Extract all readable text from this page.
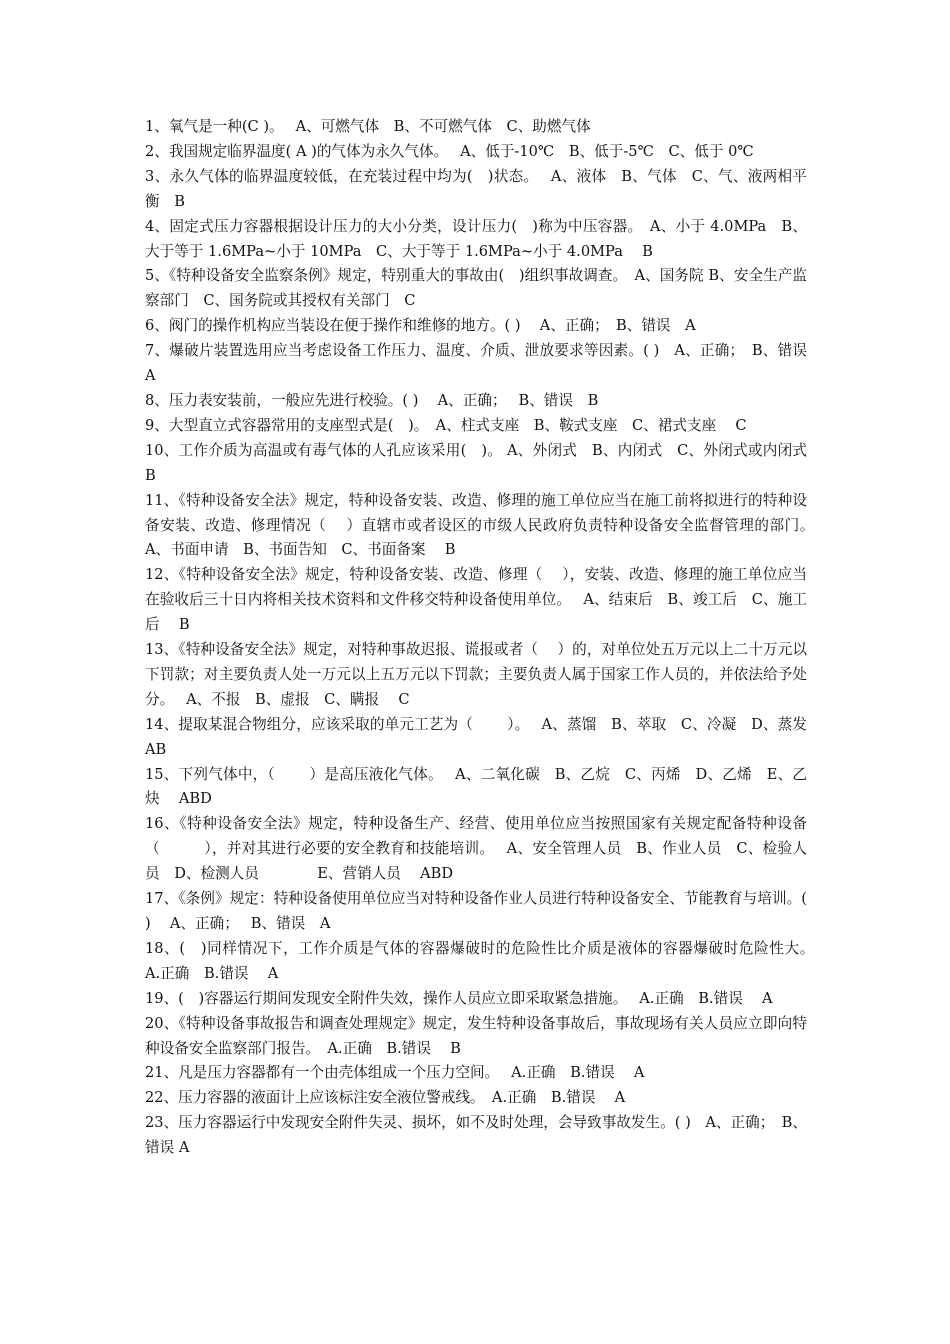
1、氧气是一种(C )。　 A、可燃气体　B、不可燃气体　C、助燃气体

2、我国规定临界温度( A )的气体为永久气体。　 A、低于-10℃　B、低于-5℃　C、低于 0℃

3、永久气体的临界温度较低，在充装过程中均为(　)状态。　 A、液体　B、气体　C、气、液两相平衡　B

4、固定式压力容器根据设计压力的大小分类，设计压力(　)称为中压容器。　A、小于 4.0MPa　B、大于等于 1.6MPa~小于 10MPa　C、大于等于 1.6MPa~小于 4.0MPa　 B

5、《特种设备安全监察条例》规定，特别重大的事故由(　)组织事故调查。　A、国务院 B、安全生产监察部门　C、国务院或其授权有关部门　C

6、阀门的操作机构应当装设在便于操作和维修的地方。( )　 A、正确；　B、错误　A

7、爆破片装置选用应当考虑设备工作压力、温度、介质、泄放要求等因素。( )　A、正确；　B、错误　 A

8、压力表安装前，一般应先进行校验。( )　 A、正确；　 B、错误　B

9、大型直立式容器常用的支座型式是(　)。　A、柱式支座　B、鞍式支座　C、裙式支座　 C

10、工作介质为高温或有毒气体的人孔应该采用(　)。 A、外闭式　B、内闭式　C、外闭式或内闭式　 B

11、《特种设备安全法》规定，特种设备安装、改造、修理的施工单位应当在施工前将拟进行的特种设备安装、改造、修理情况（　 ）直辖市或者设区的市级人民政府负责特种设备安全监督管理的部门。　 A、书面申请　B、书面告知　C、书面备案　 B

12、《特种设备安全法》规定，特种设备安装、改造、修理（　 ），安装、改造、修理的施工单位应当在验收后三十日内将相关技术资料和文件移交特种设备使用单位。　 A、结束后　B、竣工后　C、施工后　 B

13、《特种设备安全法》规定，对特种事故迟报、谎报或者（　 ）的，对单位处五万元以上二十万元以下罚款；对主要负责人处一万元以上五万元以下罚款；主要负责人属于国家工作人员的，并依法给予处分。　 A、不报　B、虚报　C、瞒报　 C

14、提取某混合物组分，应该采取的单元工艺为（　　 ）。　 A、蒸馏　B、萃取　C、冷凝　D、蒸发 AB

15、下列气体中，（　　 ）是高压液化气体。　 A、二氧化碳　B、乙烷　C、丙烯　D、乙烯　E、乙炔　 ABD

16、《特种设备安全法》规定，特种设备生产、经营、使用单位应当按照国家有关规定配备特种设备（　　　），并对其进行必要的安全教育和技能培训。　 A、安全管理人员　B、作业人员　C、检验人员　D、检测人员　　　　E、营销人员　 ABD

17、《条例》规定：特种设备使用单位应当对特种设备作业人员进行特种设备安全、节能教育与培训。( )　 A、正确；　 B、错误　A

18、(　)同样情况下，工作介质是气体的容器爆破时的危险性比介质是液体的容器爆破时危险性大。　 A.正确　B.错误　 A

19、(　)容器运行期间发现安全附件失效，操作人员应立即采取紧急措施。　 A.正确　B.错误　 A

20、《特种设备事故报告和调查处理规定》规定，发生特种设备事故后，事故现场有关人员应立即向特种设备安全监察部门报告。　A.正确　B.错误　 B

21、凡是压力容器都有一个由壳体组成一个压力空间。　 A.正确　B.错误　 A

22、压力容器的液面计上应该标注安全液位警戒线。　A.正确　B.错误　 A

23、压力容器运行中发现安全附件失灵、损坏，如不及时处理，会导致事故发生。( )　A、正确；　B、错误 A
